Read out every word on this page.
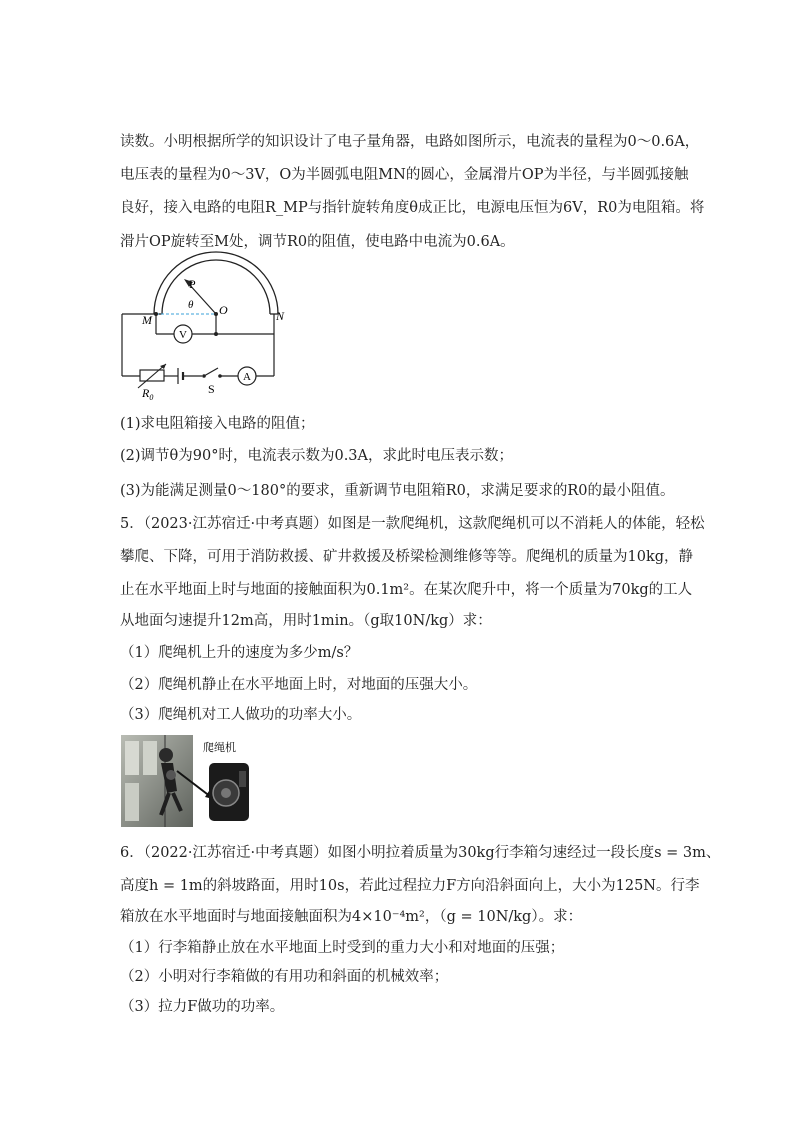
读数。小明根据所学的知识设计了电子量角器，电路如图所示，电流表的量程为0～0.6A，
电压表的量程为0～3V，O为半圆弧电阻MN的圆心，金属滑片OP为半径，与半圆弧接触
良好，接入电路的电阻R_MP与指针旋转角度θ成正比，电源电压恒为6V，R0为电阻箱。将
滑片OP旋转至M处，调节R0的阻值，使电路中电流为0.6A。
P
θ O
M	N
V
A
S
$R_0$
(1)求电阻箱接入电路的阻值；
(2)调节θ为90°时，电流表示数为0.3A，求此时电压表示数；
(3)为能满足测量0～180°的要求，重新调节电阻箱R0，求满足要求的R0的最小阻值。
5．（2023·江苏宿迁·中考真题）如图是一款爬绳机，这款爬绳机可以不消耗人的体能，轻松
攀爬、下降，可用于消防救援、矿井救援及桥梁检测维修等等。爬绳机的质量为10kg，静
止在水平地面上时与地面的接触面积为0.1m²。在某次爬升中，将一个质量为70kg的工人
从地面匀速提升12m高，用时1min。（g取10N/kg）求：
（1）爬绳机上升的速度为多少m/s？
（2）爬绳机静止在水平地面上时，对地面的压强大小。
（3）爬绳机对工人做功的功率大小。
爬绳机
6．（2022·江苏宿迁·中考真题）如图小明拉着质量为30kg行李箱匀速经过一段长度s = 3m、
高度h = 1m的斜坡路面，用时10s，若此过程拉力F方向沿斜面向上，大小为125N。行李
箱放在水平地面时与地面接触面积为4×10⁻⁴m²，（g = 10N/kg）。求：
（1）行李箱静止放在水平地面上时受到的重力大小和对地面的压强；
（2）小明对行李箱做的有用功和斜面的机械效率；
（3）拉力F做功的功率。
